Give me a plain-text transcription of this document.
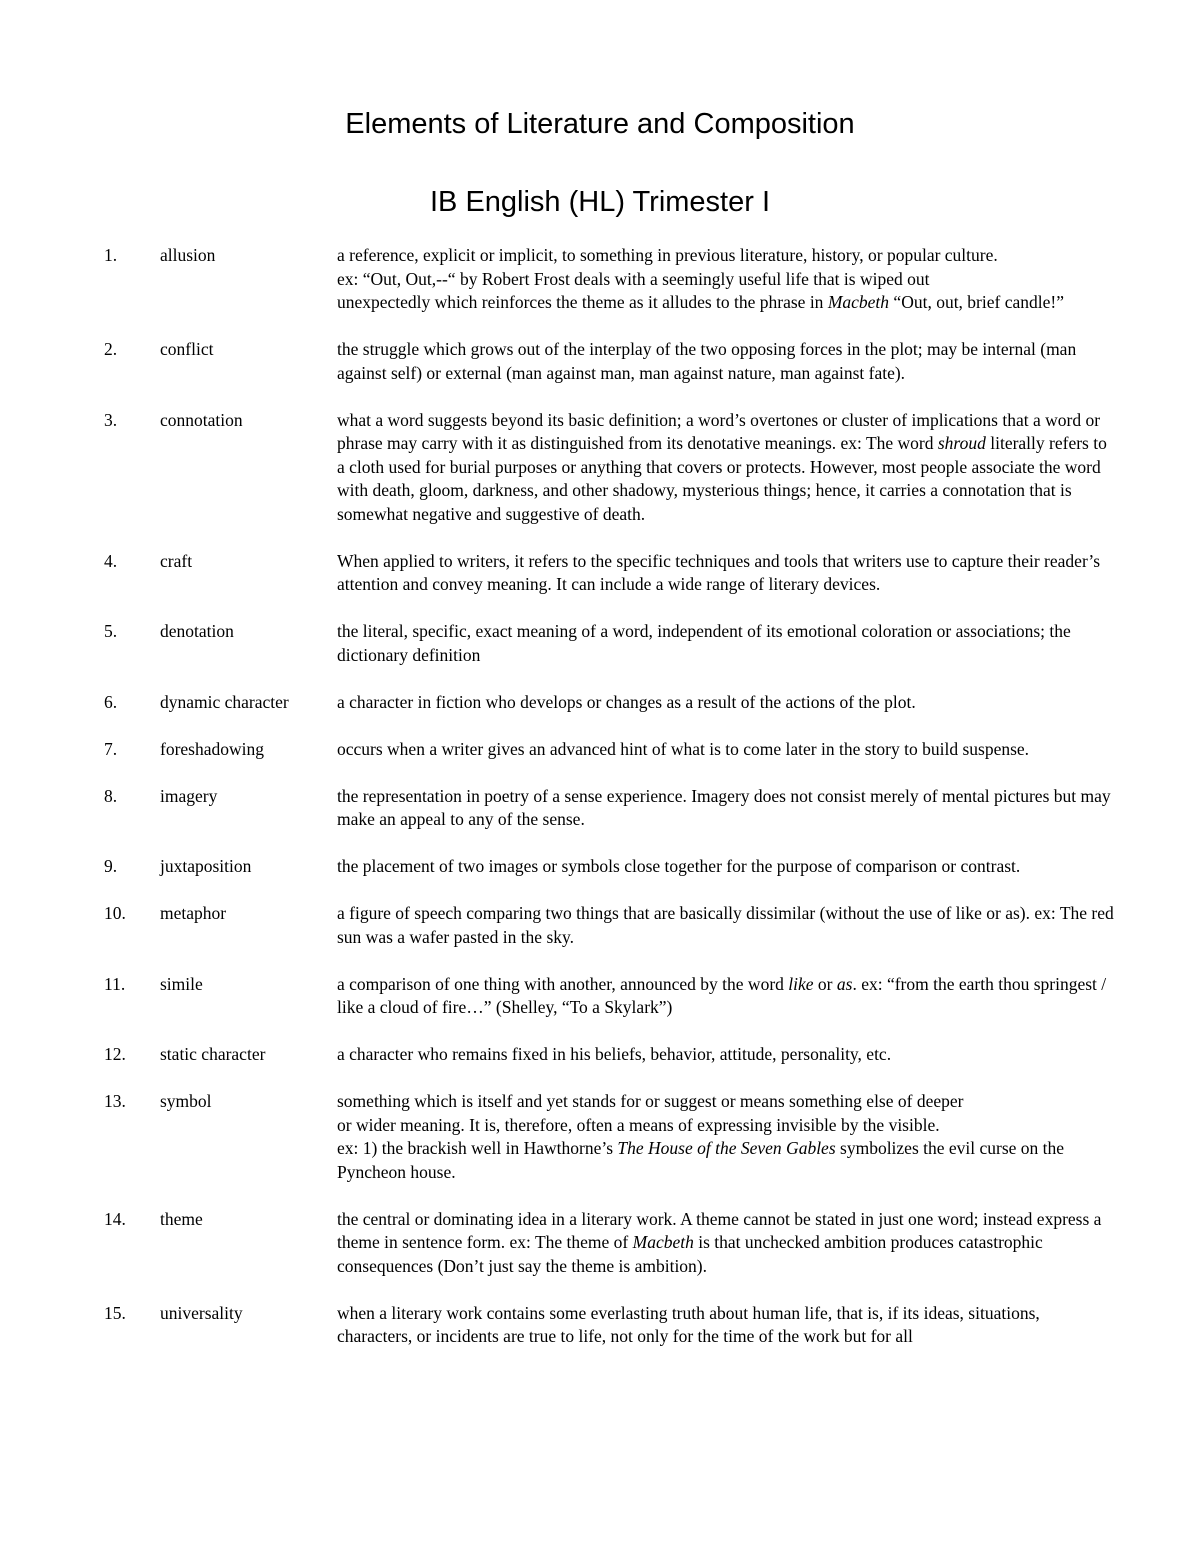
Elements of Literature and Composition
IB English (HL) Trimester I
1.	allusion	a reference, explicit or implicit, to something in previous literature, history, or popular culture.
ex: “Out, Out,--“ by Robert Frost deals with a seemingly useful life that is wiped out
unexpectedly which reinforces the theme as it alludes to the phrase in Macbeth “Out, out, brief candle!”
2.	conflict	the struggle which grows out of the interplay of the two opposing forces in the plot; may be internal (man against self) or external (man against man, man against nature, man against fate).
3.	connotation	what a word suggests beyond its basic definition; a word’s overtones or cluster of implications that a word or phrase may carry with it as distinguished from its denotative meanings. ex: The word shroud literally refers to a cloth used for burial purposes or anything that covers or protects. However, most people associate the word with death, gloom, darkness, and other shadowy, mysterious things; hence, it carries a connotation that is somewhat negative and suggestive of death.
4.	craft	When applied to writers, it refers to the specific techniques and tools that writers use to capture their reader’s attention and convey meaning. It can include a wide range of literary devices.
5.	denotation	the literal, specific, exact meaning of a word, independent of its emotional coloration or associations; the dictionary definition
6.	dynamic character	a character in fiction who develops or changes as a result of the actions of the plot.
7.	foreshadowing	occurs when a writer gives an advanced hint of what is to come later in the story to build suspense.
8.	imagery	the representation in poetry of a sense experience. Imagery does not consist merely of mental pictures but may make an appeal to any of the sense.
9.	juxtaposition	the placement of two images or symbols close together for the purpose of comparison or contrast.
10.	metaphor	a figure of speech comparing two things that are basically dissimilar (without the use of like or as). ex: The red sun was a wafer pasted in the sky.
11.	simile	a comparison of one thing with another, announced by the word like or as. ex: “from the earth thou springest / like a cloud of fire…” (Shelley, “To a Skylark”)
12.	static character	a character who remains fixed in his beliefs, behavior, attitude, personality, etc.
13.	symbol	something which is itself and yet stands for or suggest or means something else of deeper
or wider meaning. It is, therefore, often a means of expressing invisible by the visible.
ex: 1) the brackish well in Hawthorne’s The House of the Seven Gables symbolizes the evil curse on the Pyncheon house.
14.	theme	the central or dominating idea in a literary work. A theme cannot be stated in just one word; instead express a theme in sentence form. ex: The theme of Macbeth is that unchecked ambition produces catastrophic consequences (Don’t just say the theme is ambition).
15.	universality	when a literary work contains some everlasting truth about human life, that is, if its ideas, situations, characters, or incidents are true to life, not only for the time of the work but for all
